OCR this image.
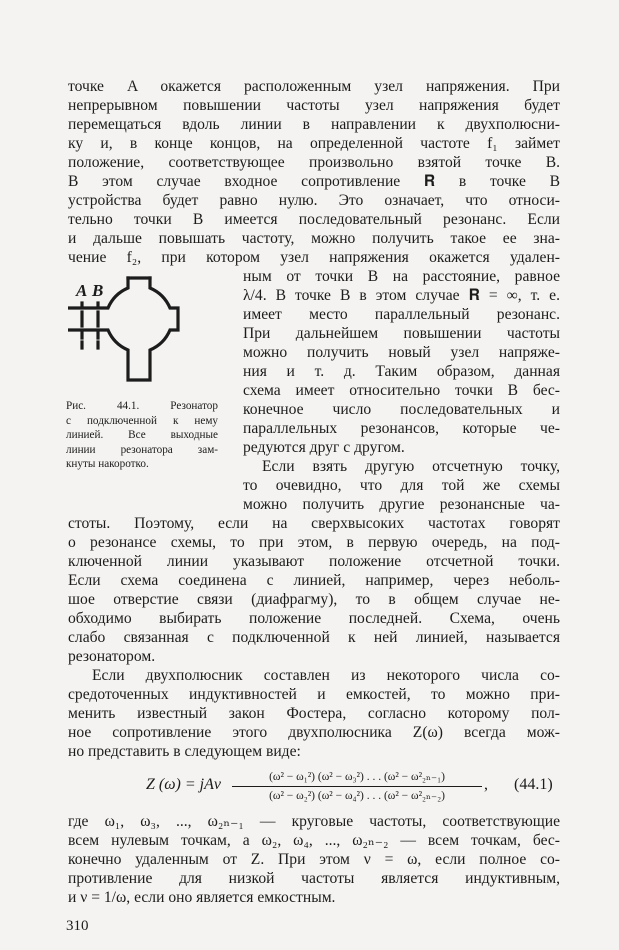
точке A окажется расположенным узел напряжения. При
непрерывном повышении частоты узел напряжения будет
перемещаться вдоль линии в направлении к двухполюсни-
ку и, в конце концов, на определенной частоте f₁ займет
положение, соответствующее произвольно взятой точке B.
В этом случае входное сопротивление 𝐑 в точке B
устройства будет равно нулю. Это означает, что относи-
тельно точки B имеется последовательный резонанс. Если
и дальше повышать частоту, можно получить такое ее зна-
чение f₂, при котором узел напряжения окажется удален-
A B
Рис. 44.1. Резонатор
с подключенной к нему
линией. Все выходные
линии резонатора зам-
кнуты накоротко.
ным от точки B на расстояние, равное
λ/4. В точке B в этом случае 𝐑 = ∞, т. е.
имеет место параллельный резонанс.
При дальнейшем повышении частоты
можно получить новый узел напряже-
ния и т. д. Таким образом, данная
схема имеет относительно точки B бес-
конечное число последовательных и
параллельных резонансов, которые че-
редуются друг с другом.
Если взять другую отсчетную точку,
то очевидно, что для той же схемы
можно получить другие резонансные ча-
стоты. Поэтому, если на сверхвысоких частотах говорят
о резонансе схемы, то при этом, в первую очередь, на под-
ключенной линии указывают положение отсчетной точки.
Если схема соединена с линией, например, через неболь-
шое отверстие связи (диафрагму), то в общем случае не-
обходимо выбирать положение последней. Схема, очень
слабо связанная с подключенной к ней линией, называется
резонатором.
Если двухполюсник составлен из некоторого числа со-
средоточенных индуктивностей и емкостей, то можно при-
менить известный закон Фостера, согласно которому пол-
ное сопротивление этого двухполюсника Z(ω) всегда мож-
но представить в следующем виде:
Z (ω) = jAν	(ω² − ω₁²) (ω² − ω₃²) . . . (ω² − ω²₂ₙ₋₁)
(ω² − ω₂²) (ω² − ω₄²) . . . (ω² − ω²₂ₙ₋₂)
, (44.1)
где ω₁, ω₃, ..., ω₂ₙ₋₁ — круговые частоты, соответствующие
всем нулевым точкам, а ω₂, ω₄, ..., ω₂ₙ₋₂ — всем точкам, бес-
конечно удаленным от Z. При этом ν = ω, если полное со-
противление для низкой частоты является индуктивным,
и ν = 1/ω, если оно является емкостным.
310
